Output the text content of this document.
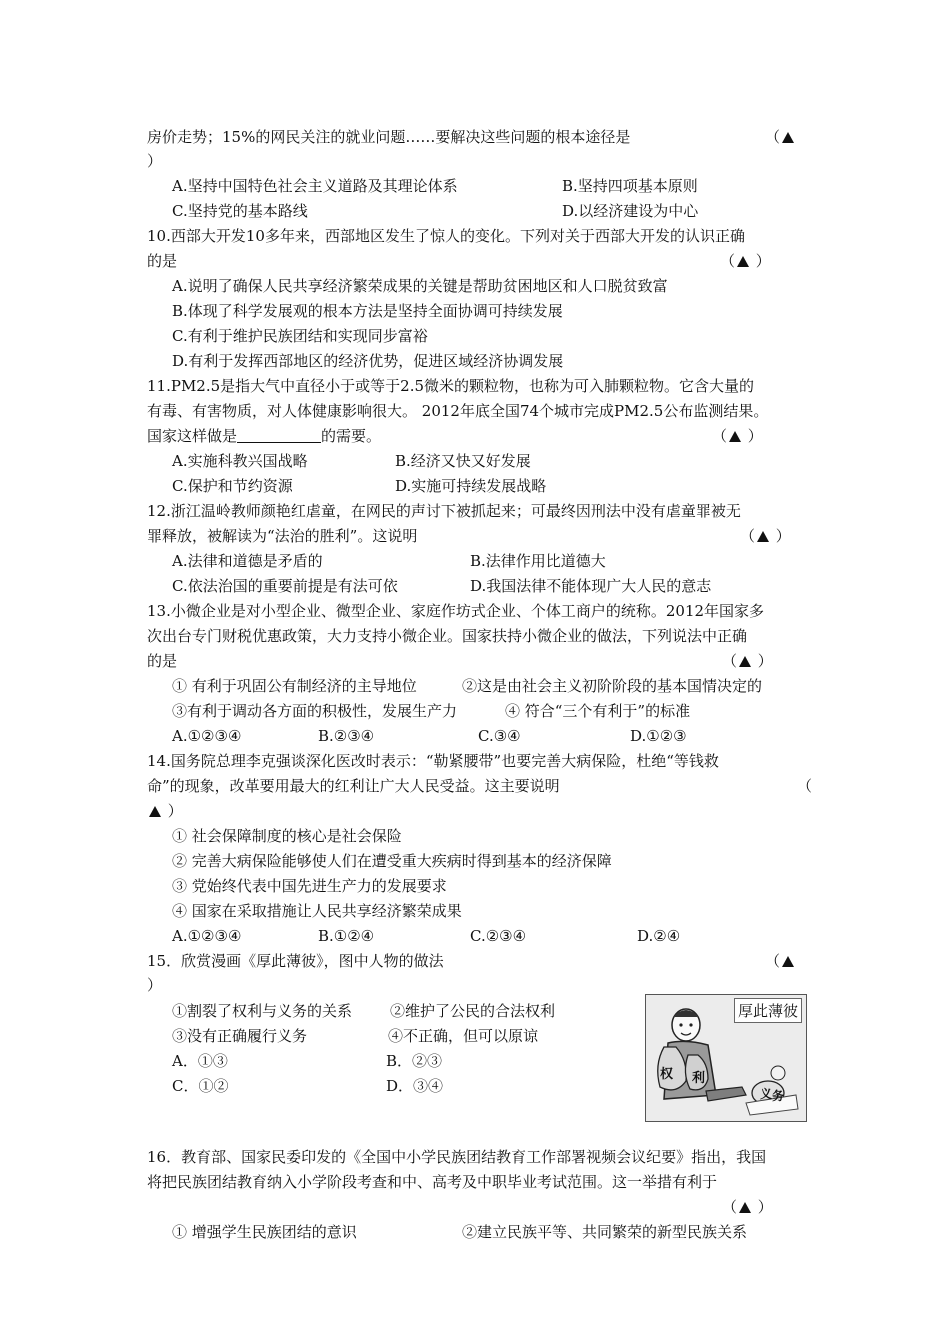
房价走势；15%的网民关注的就业问题……要解决这些问题的根本途径是	（
）
A.坚持中国特色社会主义道路及其理论体系	B.坚持四项基本原则
C.坚持党的基本路线	D.以经济建设为中心
10.西部大开发10多年来，西部地区发生了惊人的变化。下列对关于西部大开发的认识正确
的是	（ ）
A.说明了确保人民共享经济繁荣成果的关键是帮助贫困地区和人口脱贫致富
B.体现了科学发展观的根本方法是坚持全面协调可持续发展
C.有利于维护民族团结和实现同步富裕
D.有利于发挥西部地区的经济优势，促进区域经济协调发展
11.PM2.5是指大气中直径小于或等于2.5微米的颗粒物，也称为可入肺颗粒物。它含大量的
有毒、有害物质，对人体健康影响很大。 2012年底全国74个城市完成PM2.5公布监测结果。
国家这样做是	的需要。	（ ）
A.实施科教兴国战略	B.经济又快又好发展
C.保护和节约资源	D.实施可持续发展战略
12.浙江温岭教师颜艳红虐童，在网民的声讨下被抓起来；可最终因刑法中没有虐童罪被无
罪释放，被解读为“法治的胜利”。这说明	（ ）
A.法律和道德是矛盾的	B.法律作用比道德大
C.依法治国的重要前提是有法可依	D.我国法律不能体现广大人民的意志
13.小微企业是对小型企业、微型企业、家庭作坊式企业、个体工商户的统称。2012年国家多
次出台专门财税优惠政策，大力支持小微企业。国家扶持小微企业的做法，下列说法中正确
的是	（ ）
① 有利于巩固公有制经济的主导地位	②这是由社会主义初阶阶段的基本国情决定的
③有利于调动各方面的积极性，发展生产力	④ 符合“三个有利于”的标准
A.①②③④	B.②③④	C.③④	D.①②③
14.国务院总理李克强谈深化医改时表示：“勒紧腰带”也要完善大病保险，杜绝“等钱救
命”的现象，改革要用最大的红利让广大人民受益。这主要说明	（
）
① 社会保障制度的核心是社会保险
② 完善大病保险能够使人们在遭受重大疾病时得到基本的经济保障
③ 党始终代表中国先进生产力的发展要求
④ 国家在采取措施让人民共享经济繁荣成果
A.①②③④	B.①②④	C.②③④	D.②④
15．欣赏漫画《厚此薄彼》，图中人物的做法	（
）
①割裂了权利与义务的关系	②维护了公民的合法权利
③没有正确履行义务	④不正确，但可以原谅
A．①③	B．②③
C．①②	D．③④
厚此薄彼
权 利
义 务
16．教育部、国家民委印发的《全国中小学民族团结教育工作部署视频会议纪要》指出，我国
将把民族团结教育纳入小学阶段考查和中、高考及中职毕业考试范围。这一举措有利于
（ ）
① 增强学生民族团结的意识	②建立民族平等、共同繁荣的新型民族关系
